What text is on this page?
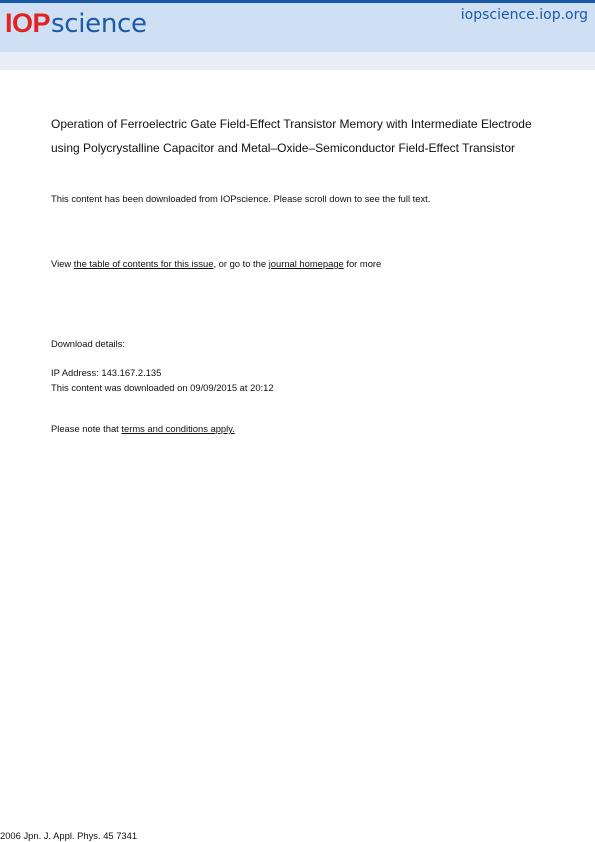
IOP science	iopscience.iop.org
Operation of Ferroelectric Gate Field-Effect Transistor Memory with Intermediate Electrode
using Polycrystalline Capacitor and Metal–Oxide–Semiconductor Field-Effect Transistor
This content has been downloaded from IOPscience. Please scroll down to see the full text.
View the table of contents for this issue, or go to the journal homepage for more
Download details:
IP Address: 143.167.2.135
This content was downloaded on 09/09/2015 at 20:12
Please note that terms and conditions apply.
2006 Jpn. J. Appl. Phys. 45 7341
